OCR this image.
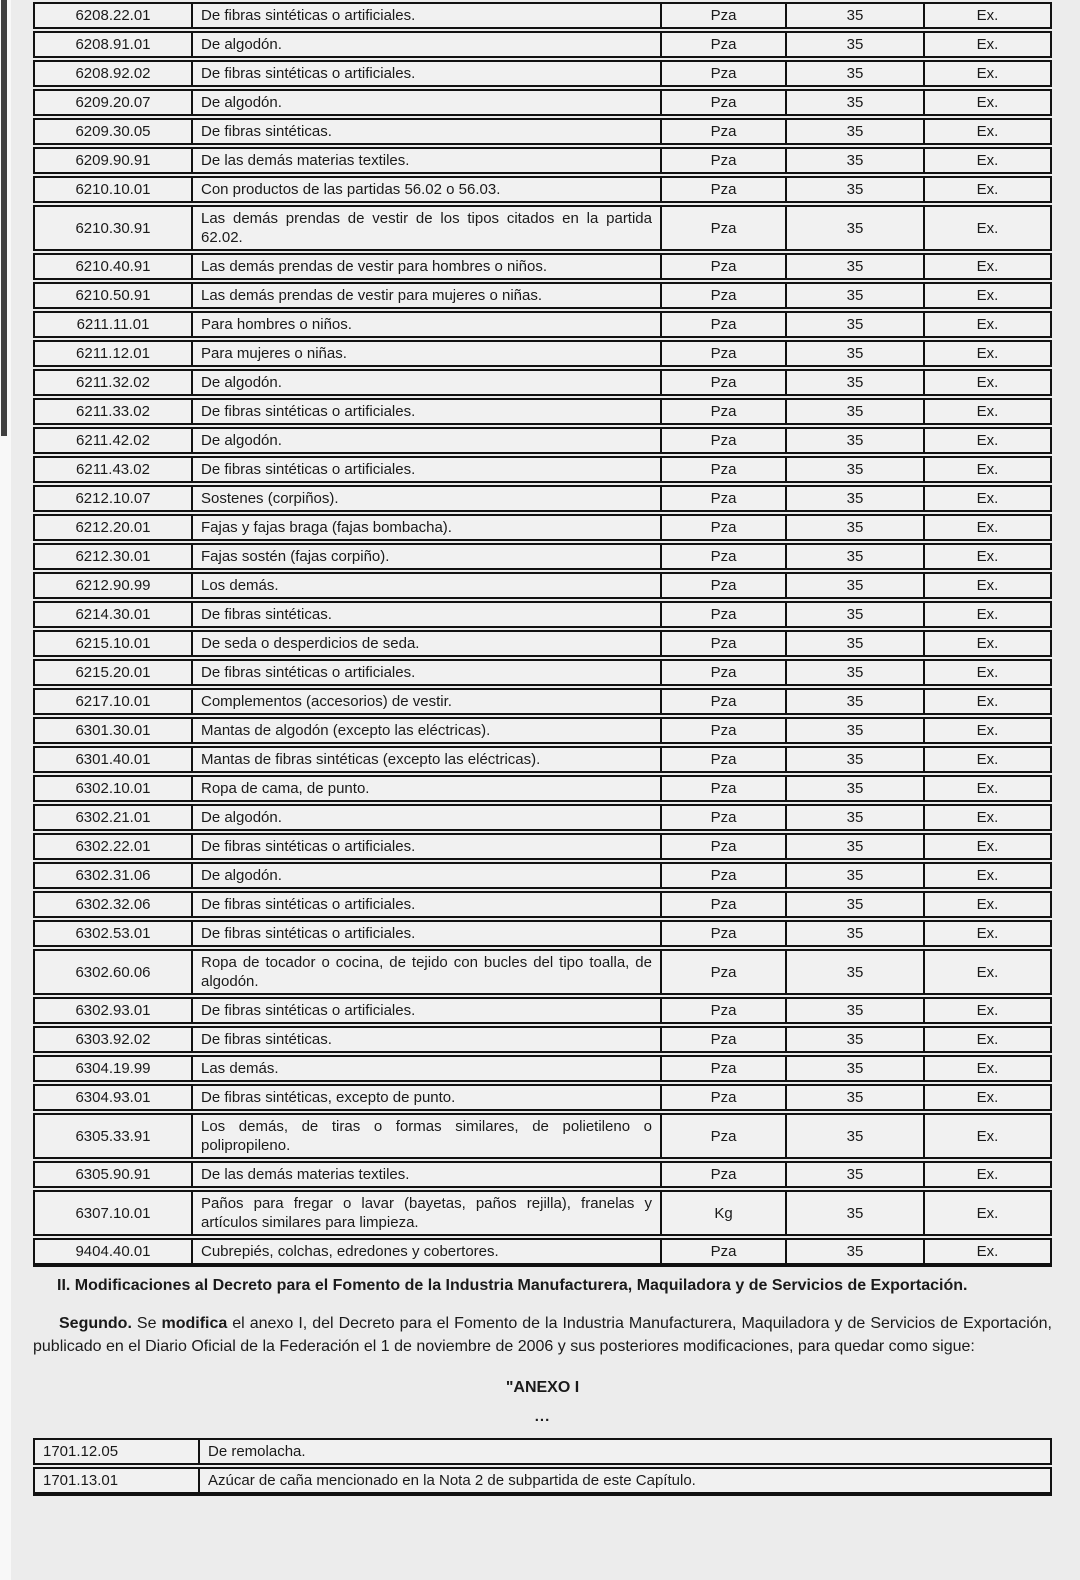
6208.22.01	De fibras sintéticas o artificiales.	Pza	35	Ex.
6208.91.01	De algodón.	Pza	35	Ex.
6208.92.02	De fibras sintéticas o artificiales.	Pza	35	Ex.
6209.20.07	De algodón.	Pza	35	Ex.
6209.30.05	De fibras sintéticas.	Pza	35	Ex.
6209.90.91	De las demás materias textiles.	Pza	35	Ex.
6210.10.01	Con productos de las partidas 56.02 o 56.03.	Pza	35	Ex.
6210.30.91	Las demás prendas de vestir de los tipos citados en la partida 62.02.	Pza	35	Ex.
6210.40.91	Las demás prendas de vestir para hombres o niños.	Pza	35	Ex.
6210.50.91	Las demás prendas de vestir para mujeres o niñas.	Pza	35	Ex.
6211.11.01	Para hombres o niños.	Pza	35	Ex.
6211.12.01	Para mujeres o niñas.	Pza	35	Ex.
6211.32.02	De algodón.	Pza	35	Ex.
6211.33.02	De fibras sintéticas o artificiales.	Pza	35	Ex.
6211.42.02	De algodón.	Pza	35	Ex.
6211.43.02	De fibras sintéticas o artificiales.	Pza	35	Ex.
6212.10.07	Sostenes (corpiños).	Pza	35	Ex.
6212.20.01	Fajas y fajas braga (fajas bombacha).	Pza	35	Ex.
6212.30.01	Fajas sostén (fajas corpiño).	Pza	35	Ex.
6212.90.99	Los demás.	Pza	35	Ex.
6214.30.01	De fibras sintéticas.	Pza	35	Ex.
6215.10.01	De seda o desperdicios de seda.	Pza	35	Ex.
6215.20.01	De fibras sintéticas o artificiales.	Pza	35	Ex.
6217.10.01	Complementos (accesorios) de vestir.	Pza	35	Ex.
6301.30.01	Mantas de algodón (excepto las eléctricas).	Pza	35	Ex.
6301.40.01	Mantas de fibras sintéticas (excepto las eléctricas).	Pza	35	Ex.
6302.10.01	Ropa de cama, de punto.	Pza	35	Ex.
6302.21.01	De algodón.	Pza	35	Ex.
6302.22.01	De fibras sintéticas o artificiales.	Pza	35	Ex.
6302.31.06	De algodón.	Pza	35	Ex.
6302.32.06	De fibras sintéticas o artificiales.	Pza	35	Ex.
6302.53.01	De fibras sintéticas o artificiales.	Pza	35	Ex.
6302.60.06	Ropa de tocador o cocina, de tejido con bucles del tipo toalla, de algodón.	Pza	35	Ex.
6302.93.01	De fibras sintéticas o artificiales.	Pza	35	Ex.
6303.92.02	De fibras sintéticas.	Pza	35	Ex.
6304.19.99	Las demás.	Pza	35	Ex.
6304.93.01	De fibras sintéticas, excepto de punto.	Pza	35	Ex.
6305.33.91	Los demás, de tiras o formas similares, de polietileno o polipropileno.	Pza	35	Ex.
6305.90.91	De las demás materias textiles.	Pza	35	Ex.
6307.10.01	Paños para fregar o lavar (bayetas, paños rejilla), franelas y artículos similares para limpieza.	Kg	35	Ex.
9404.40.01	Cubrepiés, colchas, edredones y cobertores.	Pza	35	Ex.

II. Modificaciones al Decreto para el Fomento de la Industria Manufacturera, Maquiladora y de Servicios de Exportación.

Segundo. Se modifica el anexo I, del Decreto para el Fomento de la Industria Manufacturera, Maquiladora y de Servicios de Exportación, publicado en el Diario Oficial de la Federación el 1 de noviembre de 2006 y sus posteriores modificaciones, para quedar como sigue:

"ANEXO I

...

1701.12.05	De remolacha.
1701.13.01	Azúcar de caña mencionado en la Nota 2 de subpartida de este Capítulo.
